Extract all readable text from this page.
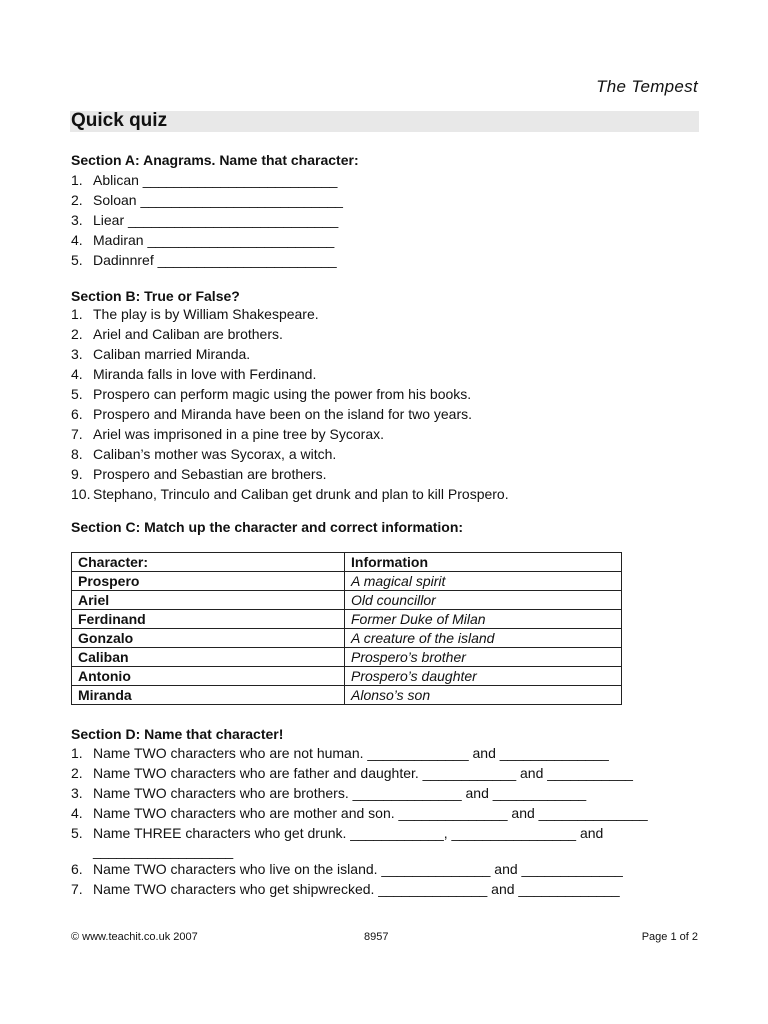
The Tempest
Quick quiz
Section A: Anagrams. Name that character:
1. Ablican _________________________
2. Soloan __________________________
3. Liear ___________________________
4. Madiran ________________________
5. Dadinnref _______________________
Section B: True or False?
1. The play is by William Shakespeare.
2. Ariel and Caliban are brothers.
3. Caliban married Miranda.
4. Miranda falls in love with Ferdinand.
5. Prospero can perform magic using the power from his books.
6. Prospero and Miranda have been on the island for two years.
7. Ariel was imprisoned in a pine tree by Sycorax.
8. Caliban’s mother was Sycorax, a witch.
9. Prospero and Sebastian are brothers.
10. Stephano, Trinculo and Caliban get drunk and plan to kill Prospero.
Section C: Match up the character and correct information:
Character:	Information
Prospero	A magical spirit
Ariel	Old councillor
Ferdinand	Former Duke of Milan
Gonzalo	A creature of the island
Caliban	Prospero’s brother
Antonio	Prospero’s daughter
Miranda	Alonso’s son
Section D: Name that character!
1. Name TWO characters who are not human. _____________ and ______________
2. Name TWO characters who are father and daughter. ____________ and ___________
3. Name TWO characters who are brothers. ______________ and ____________
4. Name TWO characters who are mother and son. ______________ and ______________
5. Name THREE characters who get drunk. ____________, ________________ and
__________________
6. Name TWO characters who live on the island. ______________ and _____________
7. Name TWO characters who get shipwrecked. ______________ and _____________
© www.teachit.co.uk 2007	8957	Page 1 of 2
